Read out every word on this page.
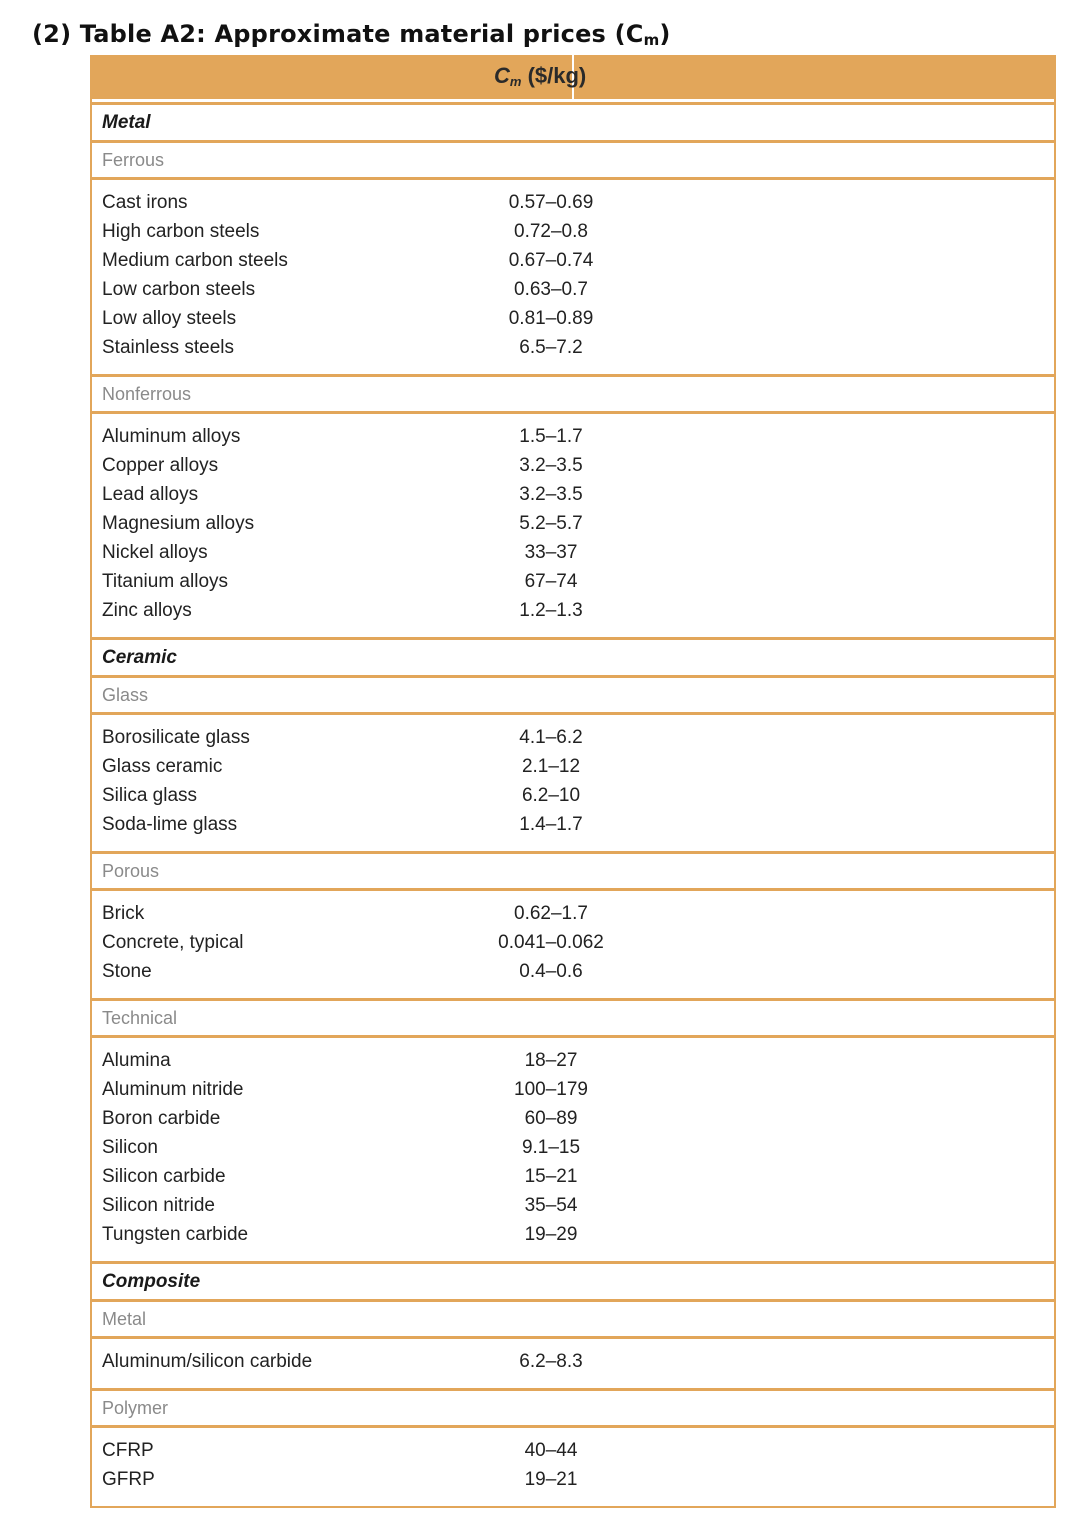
(2) Table A2: Approximate material prices $(C_m)$
$C_m$ ($/kg)
Metal
Ferrous
Cast irons	0.57–0.69
High carbon steels	0.72–0.8
Medium carbon steels	0.67–0.74
Low carbon steels	0.63–0.7
Low alloy steels	0.81–0.89
Stainless steels	6.5–7.2
Nonferrous
Aluminum alloys	1.5–1.7
Copper alloys	3.2–3.5
Lead alloys	3.2–3.5
Magnesium alloys	5.2–5.7
Nickel alloys	33–37
Titanium alloys	67–74
Zinc alloys	1.2–1.3
Ceramic
Glass
Borosilicate glass	4.1–6.2
Glass ceramic	2.1–12
Silica glass	6.2–10
Soda-lime glass	1.4–1.7
Porous
Brick	0.62–1.7
Concrete, typical	0.041–0.062
Stone	0.4–0.6
Technical
Alumina	18–27
Aluminum nitride	100–179
Boron carbide	60–89
Silicon	9.1–15
Silicon carbide	15–21
Silicon nitride	35–54
Tungsten carbide	19–29
Composite
Metal
Aluminum/silicon carbide	6.2–8.3
Polymer
CFRP	40–44
GFRP	19–21
